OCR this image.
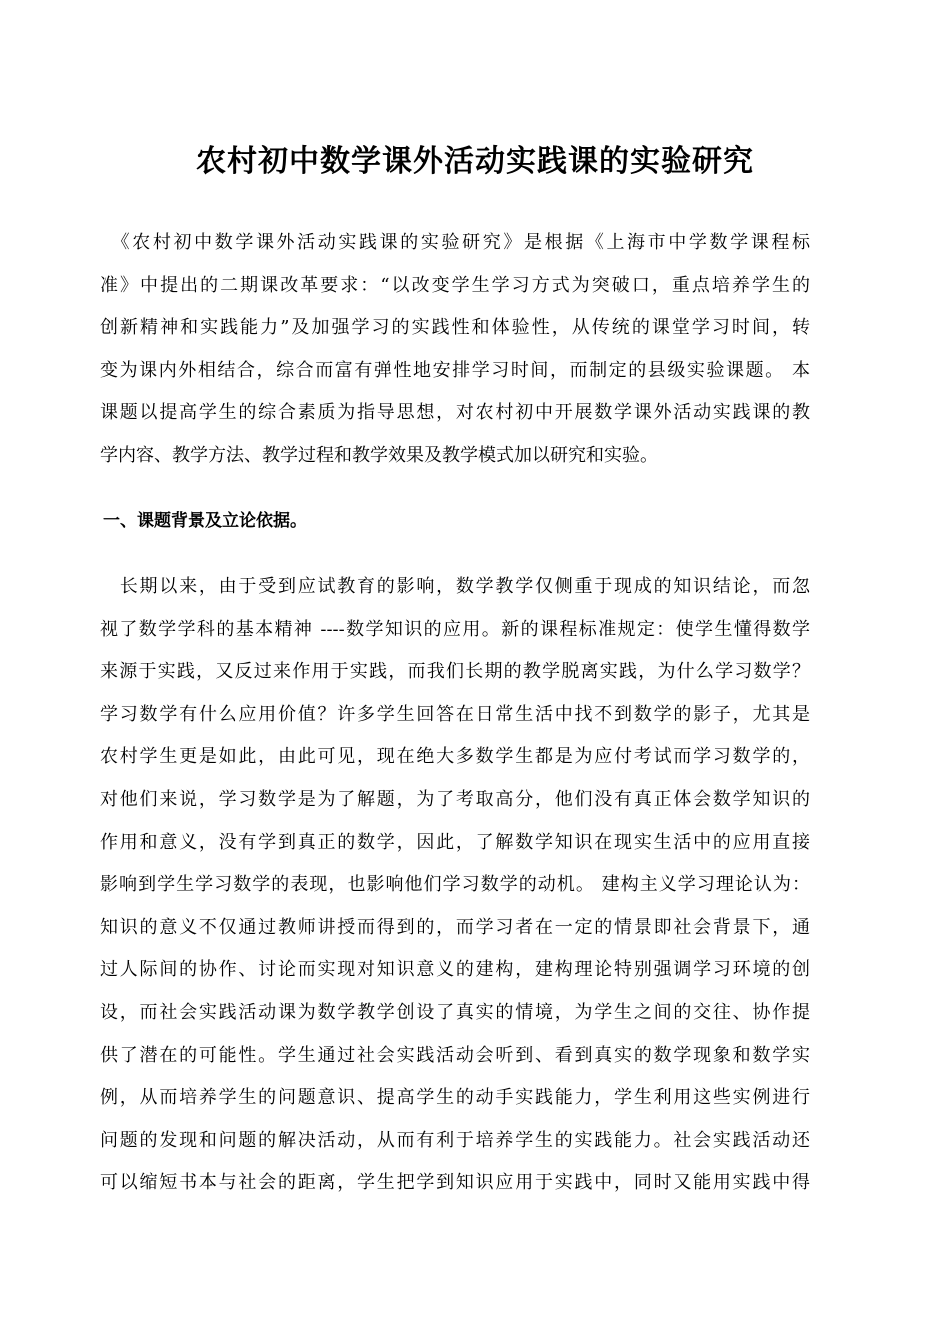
农村初中数学课外活动实践课的实验研究
　《农村初中数学课外活动实践课的实验研究》是根据《上海市中学数学课程标
准》中提出的二期课改革要求：“以改变学生学习方式为突破口，重点培养学生的
创新精神和实践能力”及加强学习的实践性和体验性，从传统的课堂学习时间，转
变为课内外相结合，综合而富有弹性地安排学习时间，而制定的县级实验课题。 本
课题以提高学生的综合素质为指导思想，对农村初中开展数学课外活动实践课的教
学内容、教学方法、教学过程和教学效果及教学模式加以研究和实验。
一、课题背景及立论依据。
　长期以来，由于受到应试教育的影响，数学教学仅侧重于现成的知识结论，而忽
视了数学学科的基本精神 ----数学知识的应用。新的课程标准规定：使学生懂得数学
来源于实践，又反过来作用于实践，而我们长期的教学脱离实践，为什么学习数学？
学习数学有什么应用价值？许多学生回答在日常生活中找不到数学的影子，尤其是
农村学生更是如此，由此可见，现在绝大多数学生都是为应付考试而学习数学的，
对他们来说，学习数学是为了解题，为了考取高分，他们没有真正体会数学知识的
作用和意义，没有学到真正的数学，因此，了解数学知识在现实生活中的应用直接
影响到学生学习数学的表现，也影响他们学习数学的动机。 建构主义学习理论认为：
知识的意义不仅通过教师讲授而得到的，而学习者在一定的情景即社会背景下，通
过人际间的协作、讨论而实现对知识意义的建构，建构理论特别强调学习环境的创
设，而社会实践活动课为数学教学创设了真实的情境，为学生之间的交往、协作提
供了潜在的可能性。学生通过社会实践活动会听到、看到真实的数学现象和数学实
例，从而培养学生的问题意识、提高学生的动手实践能力，学生利用这些实例进行
问题的发现和问题的解决活动，从而有利于培养学生的实践能力。社会实践活动还
可以缩短书本与社会的距离，学生把学到知识应用于实践中，同时又能用实践中得
